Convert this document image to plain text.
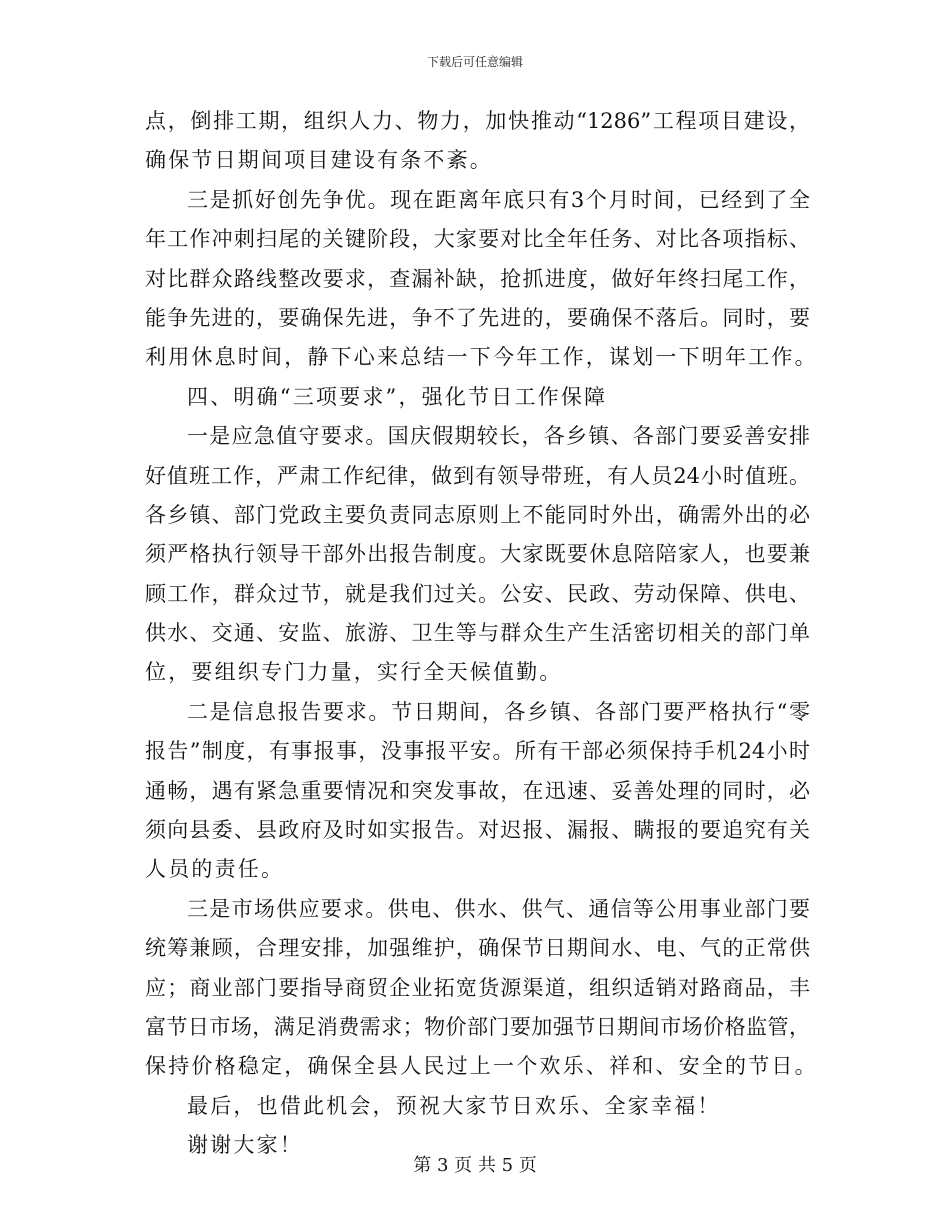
下载后可任意编辑
点，倒排工期，组织人力、物力，加快推动“1286”工程项目建设，
确保节日期间项目建设有条不紊。
三是抓好创先争优。现在距离年底只有3个月时间，已经到了全
年工作冲刺扫尾的关键阶段，大家要对比全年任务、对比各项指标、
对比群众路线整改要求，查漏补缺，抢抓进度，做好年终扫尾工作，
能争先进的，要确保先进，争不了先进的，要确保不落后。同时，要
利用休息时间，静下心来总结一下今年工作，谋划一下明年工作。
四、明确“三项要求”，强化节日工作保障
一是应急值守要求。国庆假期较长，各乡镇、各部门要妥善安排
好值班工作，严肃工作纪律，做到有领导带班，有人员24小时值班。
各乡镇、部门党政主要负责同志原则上不能同时外出，确需外出的必
须严格执行领导干部外出报告制度。大家既要休息陪陪家人，也要兼
顾工作，群众过节，就是我们过关。公安、民政、劳动保障、供电、
供水、交通、安监、旅游、卫生等与群众生产生活密切相关的部门单
位，要组织专门力量，实行全天候值勤。
二是信息报告要求。节日期间，各乡镇、各部门要严格执行“零
报告”制度，有事报事，没事报平安。所有干部必须保持手机24小时
通畅，遇有紧急重要情况和突发事故，在迅速、妥善处理的同时，必
须向县委、县政府及时如实报告。对迟报、漏报、瞒报的要追究有关
人员的责任。
三是市场供应要求。供电、供水、供气、通信等公用事业部门要
统筹兼顾，合理安排，加强维护，确保节日期间水、电、气的正常供
应；商业部门要指导商贸企业拓宽货源渠道，组织适销对路商品，丰
富节日市场，满足消费需求；物价部门要加强节日期间市场价格监管，
保持价格稳定，确保全县人民过上一个欢乐、祥和、安全的节日。
最后，也借此机会，预祝大家节日欢乐、全家幸福！
谢谢大家！
第 3 页 共 5 页
